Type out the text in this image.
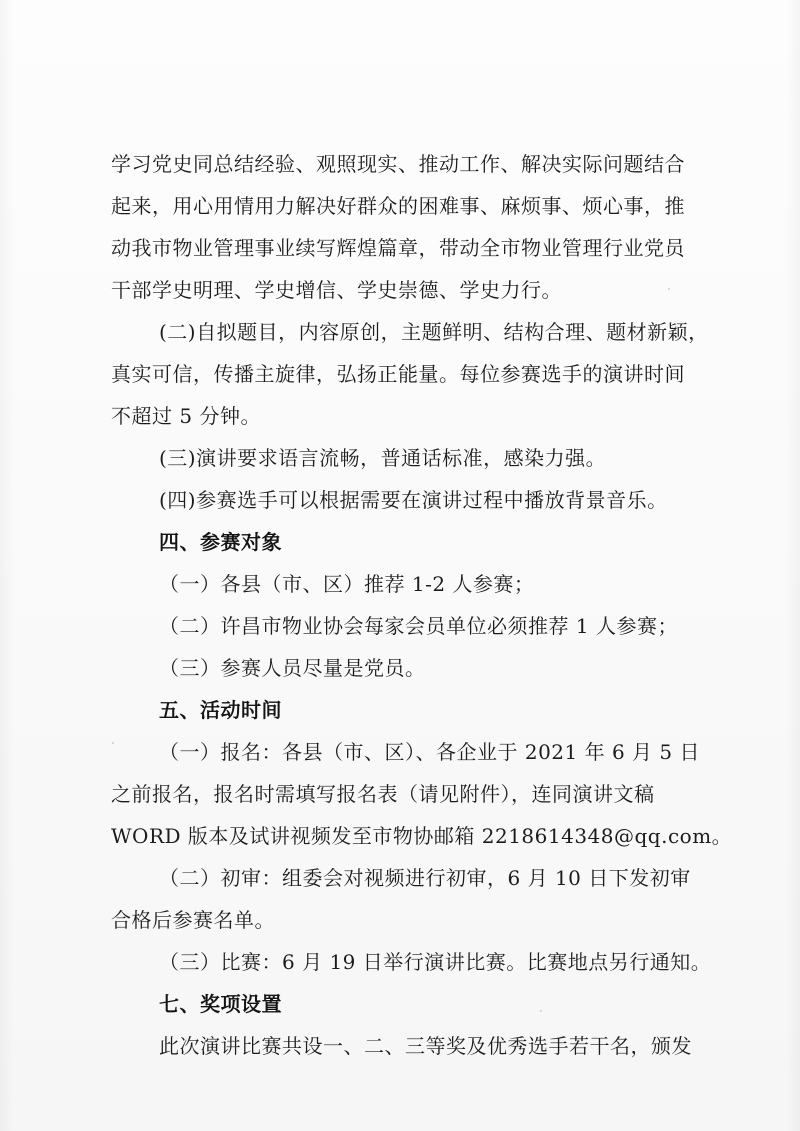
学习党史同总结经验、观照现实、推动工作、解决实际问题结合
起来，用心用情用力解决好群众的困难事、麻烦事、烦心事，推
动我市物业管理事业续写辉煌篇章，带动全市物业管理行业党员
干部学史明理、学史增信、学史崇德、学史力行。
(二)自拟题目，内容原创，主题鲜明、结构合理、题材新颖，
真实可信，传播主旋律，弘扬正能量。每位参赛选手的演讲时间
不超过 5 分钟。
(三)演讲要求语言流畅，普通话标准，感染力强。
(四)参赛选手可以根据需要在演讲过程中播放背景音乐。
四、参赛对象
（一）各县（市、区）推荐 1-2 人参赛；
（二）许昌市物业协会每家会员单位必须推荐 1 人参赛；
（三）参赛人员尽量是党员。
五、活动时间
（一）报名：各县（市、区）、各企业于 2021 年 6 月 5 日
之前报名，报名时需填写报名表（请见附件），连同演讲文稿
WORD 版本及试讲视频发至市物协邮箱 2218614348@qq.com。
（二）初审：组委会对视频进行初审，6 月 10 日下发初审
合格后参赛名单。
（三）比赛：6 月 19 日举行演讲比赛。比赛地点另行通知。
七、奖项设置
此次演讲比赛共设一、二、三等奖及优秀选手若干名，颁发
